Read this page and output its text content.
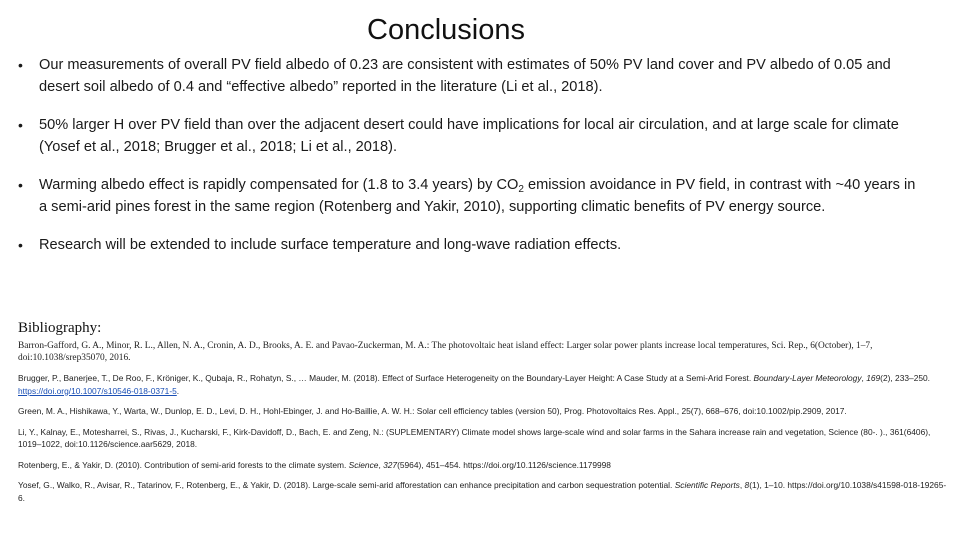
Conclusions
• Our measurements of overall PV field albedo of 0.23 are consistent with estimates of 50% PV land cover and PV albedo of 0.05 and desert soil albedo of 0.4 and “effective albedo” reported in the literature (Li et al., 2018).
• 50% larger H over PV field than over the adjacent desert could have implications for local air circulation, and at large scale for climate (Yosef et al., 2018; Brugger et al., 2018; Li et al., 2018).
• Warming albedo effect is rapidly compensated for (1.8 to 3.4 years) by $CO_2$ emission avoidance in PV field, in contrast with ~40 years in a semi-arid pines forest in the same region (Rotenberg and Yakir, 2010), supporting climatic benefits of PV energy source.
• Research will be extended to include surface temperature and long-wave radiation effects.
Bibliography:
Barron-Gafford, G. A., Minor, R. L., Allen, N. A., Cronin, A. D., Brooks, A. E. and Pavao-Zuckerman, M. A.: The photovoltaic heat island effect: Larger solar power plants increase local temperatures, Sci. Rep., 6(October), 1–7, doi:10.1038/srep35070, 2016.
Brugger, P., Banerjee, T., De Roo, F., Kröniger, K., Qubaja, R., Rohatyn, S., … Mauder, M. (2018). Effect of Surface Heterogeneity on the Boundary-Layer Height: A Case Study at a Semi-Arid Forest. Boundary-Layer Meteorology, 169(2), 233–250. https://doi.org/10.1007/s10546-018-0371-5.
Green, M. A., Hishikawa, Y., Warta, W., Dunlop, E. D., Levi, D. H., Hohl-Ebinger, J. and Ho-Baillie, A. W. H.: Solar cell efficiency tables (version 50), Prog. Photovoltaics Res. Appl., 25(7), 668–676, doi:10.1002/pip.2909, 2017.
Li, Y., Kalnay, E., Motesharrei, S., Rivas, J., Kucharski, F., Kirk-Davidoff, D., Bach, E. and Zeng, N.: (SUPLEMENTARY) Climate model shows large-scale wind and solar farms in the Sahara increase rain and vegetation, Science (80-. )., 361(6406), 1019–1022, doi:10.1126/science.aar5629, 2018.
Rotenberg, E., & Yakir, D. (2010). Contribution of semi-arid forests to the climate system. Science, 327(5964), 451–454. https://doi.org/10.1126/science.1179998
Yosef, G., Walko, R., Avisar, R., Tatarinov, F., Rotenberg, E., & Yakir, D. (2018). Large-scale semi-arid afforestation can enhance precipitation and carbon sequestration potential. Scientific Reports, 8(1), 1–10. https://doi.org/10.1038/s41598-018-19265-6.
